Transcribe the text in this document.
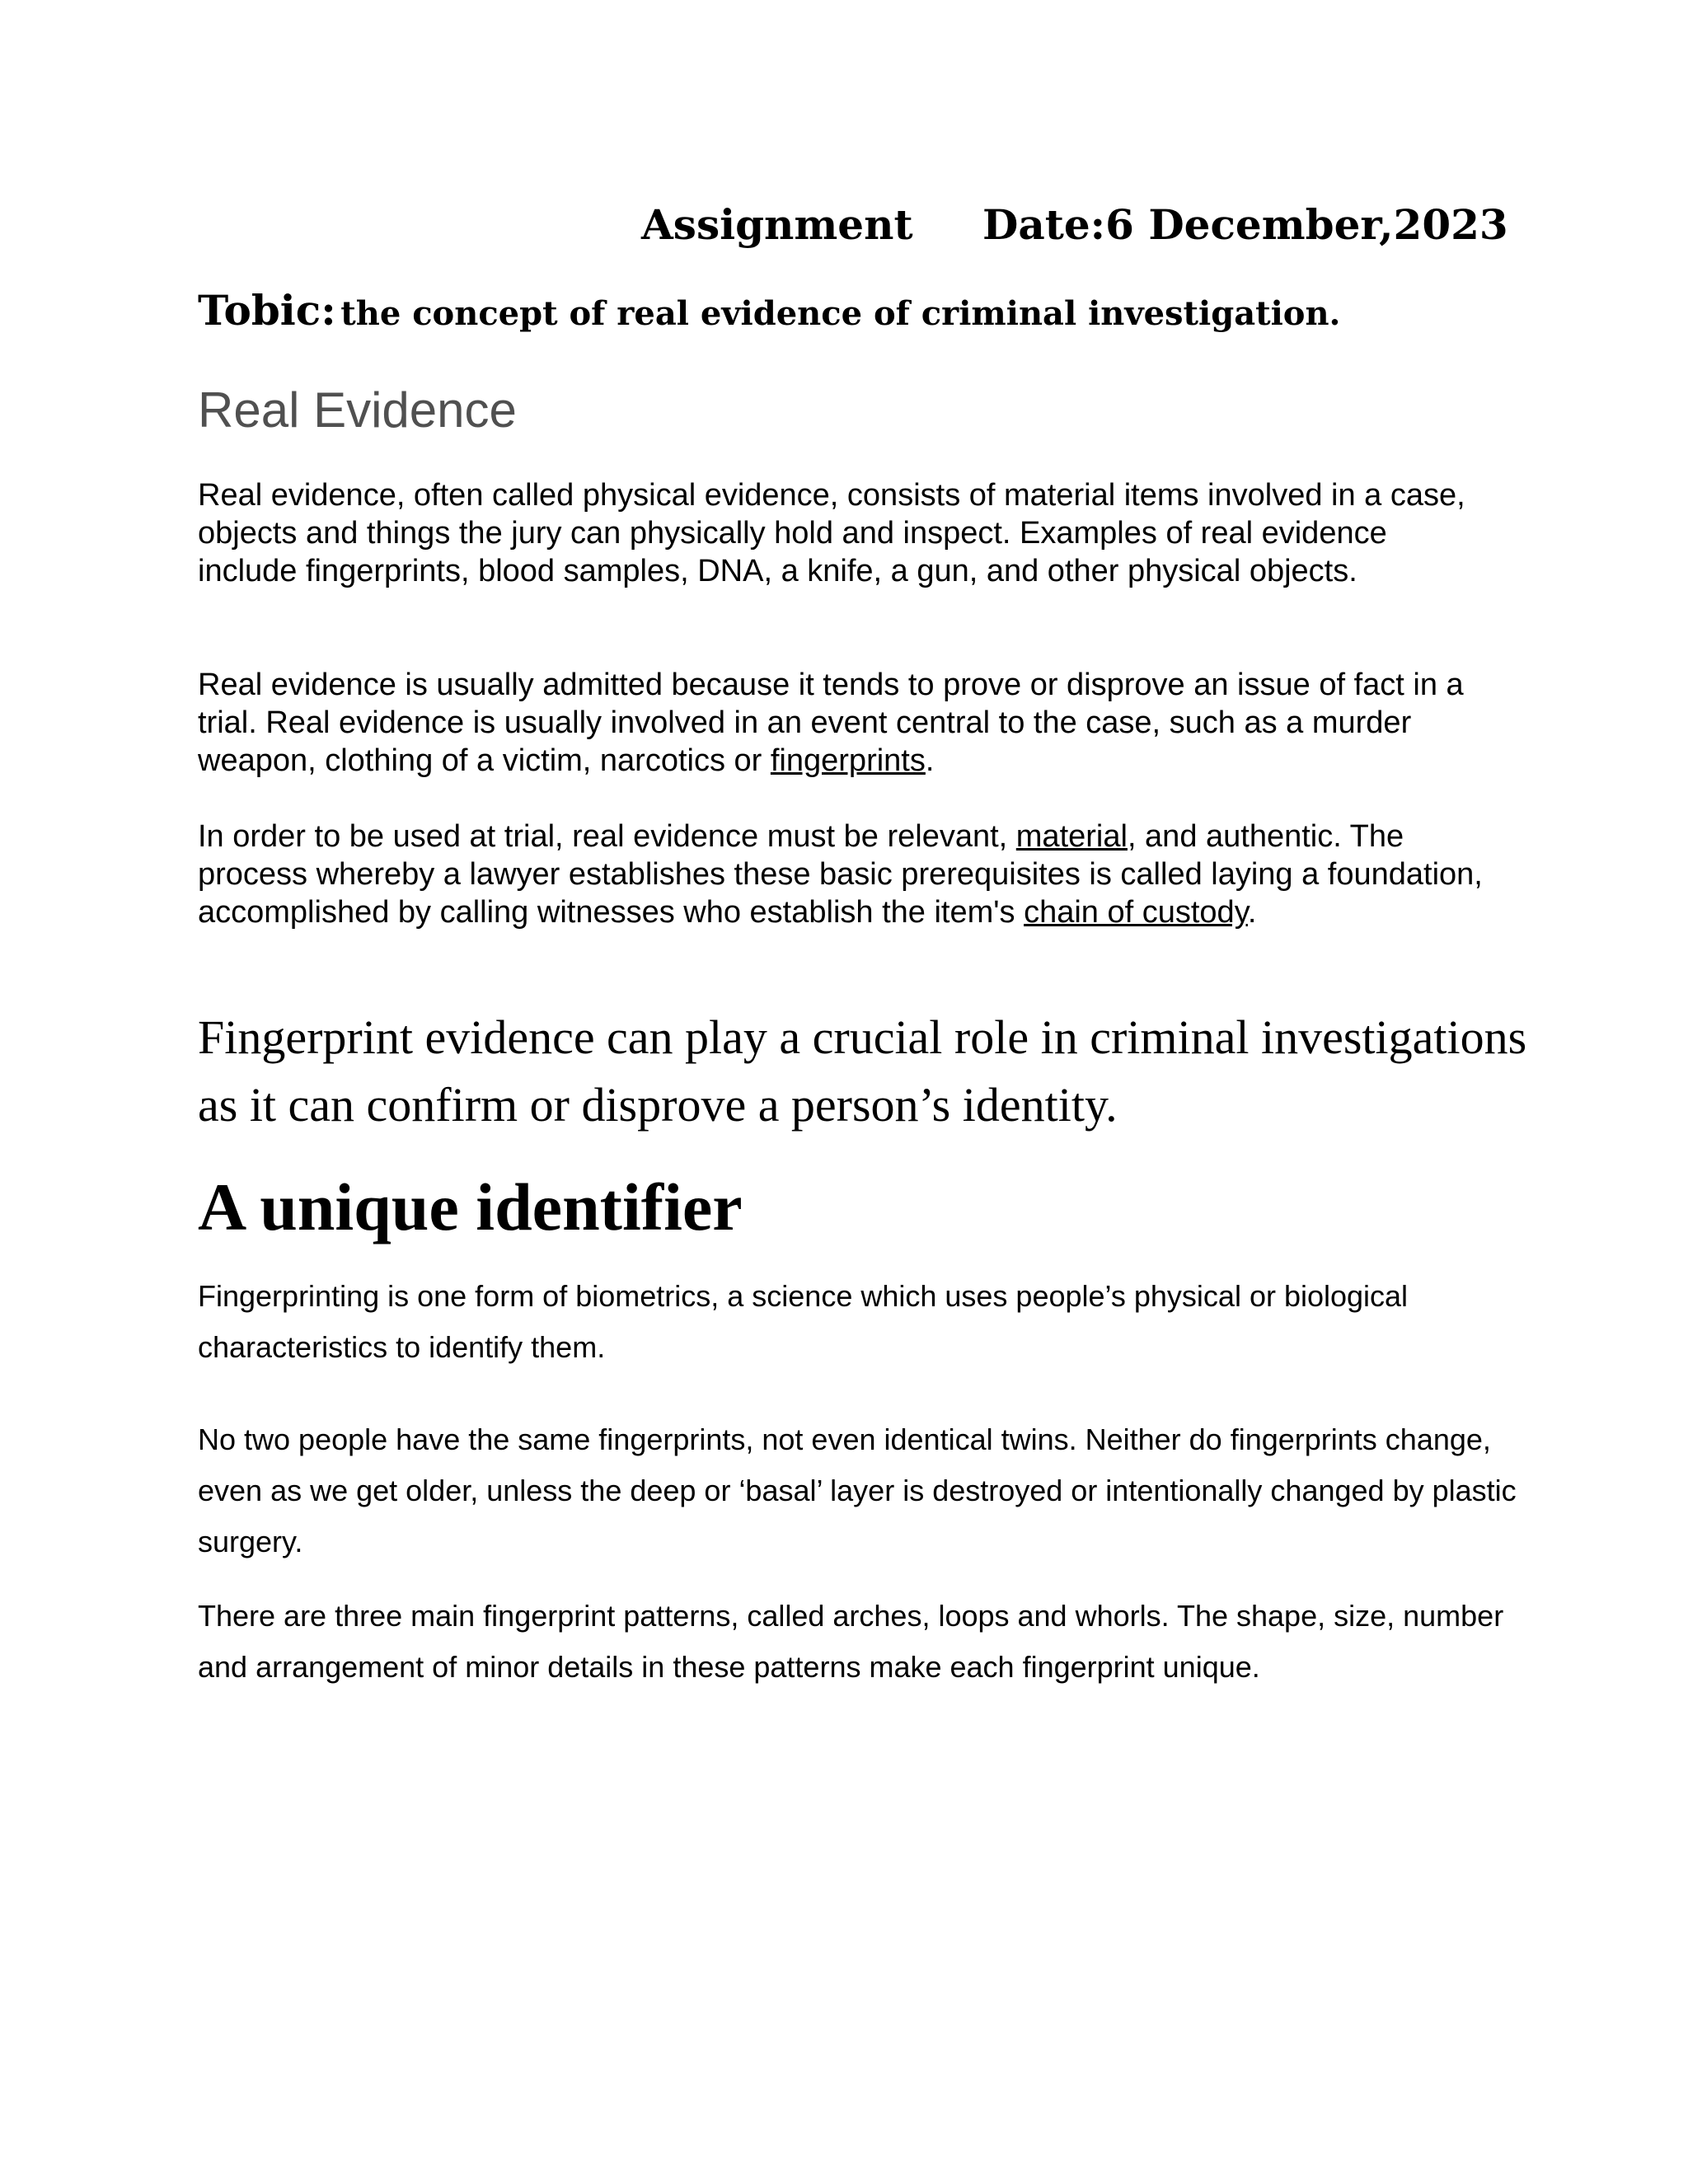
Assignment Date:6 December,2023
Tobic: the concept of real evidence of criminal investigation.
Real Evidence

Real evidence, often called physical evidence, consists of material items involved in a case, objects and things the jury can physically hold and inspect. Examples of real evidence include fingerprints, blood samples, DNA, a knife, a gun, and other physical objects.

Real evidence is usually admitted because it tends to prove or disprove an issue of fact in a trial. Real evidence is usually involved in an event central to the case, such as a murder weapon, clothing of a victim, narcotics or fingerprints.

In order to be used at trial, real evidence must be relevant, material, and authentic. The process whereby a lawyer establishes these basic prerequisites is called laying a foundation, accomplished by calling witnesses who establish the item's chain of custody.

Fingerprint evidence can play a crucial role in criminal investigations as it can confirm or disprove a person’s identity.

A unique identifier

Fingerprinting is one form of biometrics, a science which uses people’s physical or biological characteristics to identify them.

No two people have the same fingerprints, not even identical twins. Neither do fingerprints change, even as we get older, unless the deep or ‘basal’ layer is destroyed or intentionally changed by plastic surgery.

There are three main fingerprint patterns, called arches, loops and whorls. The shape, size, number and arrangement of minor details in these patterns make each fingerprint unique.
